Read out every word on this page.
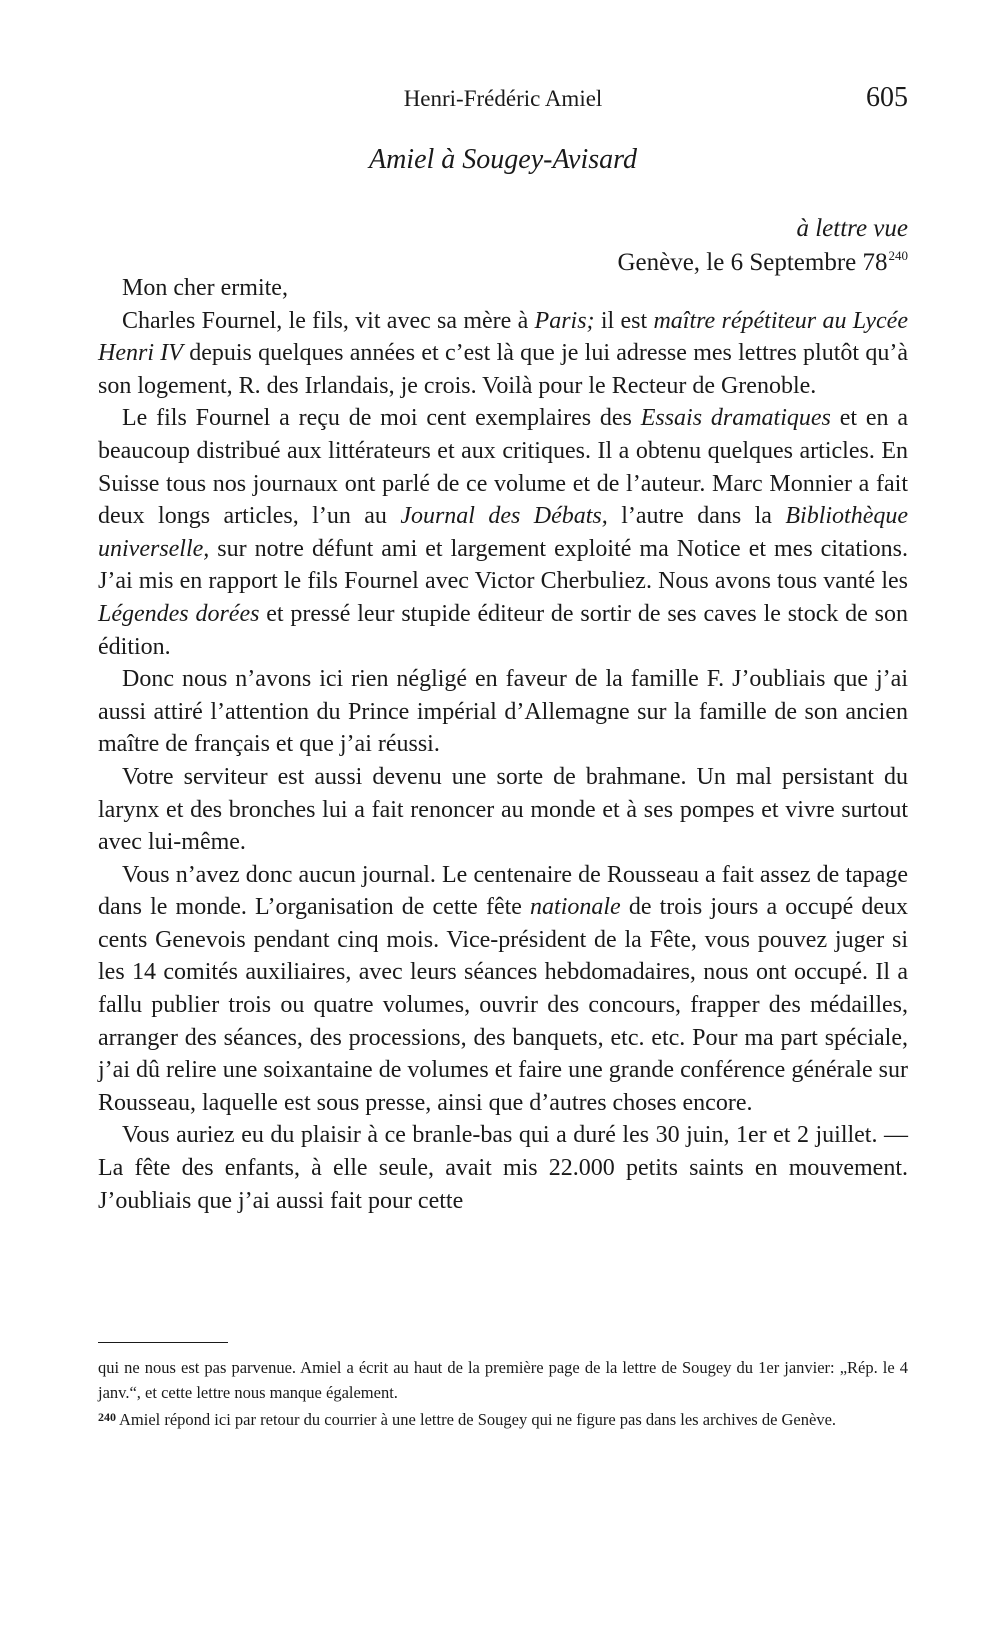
Henri-Frédéric Amiel	605
Amiel à Sougey-Avisard
à lettre vue
Genève, le 6 Septembre 78$^{240}$

Mon cher ermite,

Charles Fournel, le fils, vit avec sa mère à Paris; il est maître répétiteur au Lycée Henri IV depuis quelques années et c’est là que je lui adresse mes lettres plutôt qu’à son logement, R. des Irlandais, je crois. Voilà pour le Recteur de Grenoble.

Le fils Fournel a reçu de moi cent exemplaires des Essais dramatiques et en a beaucoup distribué aux littérateurs et aux critiques. Il a obtenu quelques articles. En Suisse tous nos journaux ont parlé de ce volume et de l’auteur. Marc Monnier a fait deux longs articles, l’un au Journal des Débats, l’autre dans la Bibliothèque universelle, sur notre défunt ami et largement exploité ma Notice et mes citations. J’ai mis en rapport le fils Fournel avec Victor Cherbuliez. Nous avons tous vanté les Légendes dorées et pressé leur stupide éditeur de sortir de ses caves le stock de son édition.

Donc nous n’avons ici rien négligé en faveur de la famille F. J’oubliais que j’ai aussi attiré l’attention du Prince impérial d’Allemagne sur la famille de son ancien maître de français et que j’ai réussi.

Votre serviteur est aussi devenu une sorte de brahmane. Un mal persistant du larynx et des bronches lui a fait renoncer au monde et à ses pompes et vivre surtout avec lui-même.

Vous n’avez donc aucun journal. Le centenaire de Rousseau a fait assez de tapage dans le monde. L’organisation de cette fête nationale de trois jours a occupé deux cents Genevois pendant cinq mois. Vice-président de la Fête, vous pouvez juger si les 14 comités auxiliaires, avec leurs séances hebdomadaires, nous ont occupé. Il a fallu publier trois ou quatre volumes, ouvrir des concours, frapper des médailles, arranger des séances, des processions, des banquets, etc. etc. Pour ma part spéciale, j’ai dû relire une soixantaine de volumes et faire une grande conférence générale sur Rousseau, laquelle est sous presse, ainsi que d’autres choses encore.

Vous auriez eu du plaisir à ce branle-bas qui a duré les 30 juin, 1er et 2 juillet. — La fête des enfants, à elle seule, avait mis 22.000 petits saints en mouvement. J’oubliais que j’ai aussi fait pour cette

qui ne nous est pas parvenue. Amiel a écrit au haut de la première page de la lettre de Sougey du 1er janvier: „Rép. le 4 janv.“, et cette lettre nous manque également.

$^{240}$ Amiel répond ici par retour du courrier à une lettre de Sougey qui ne figure pas dans les archives de Genève.
